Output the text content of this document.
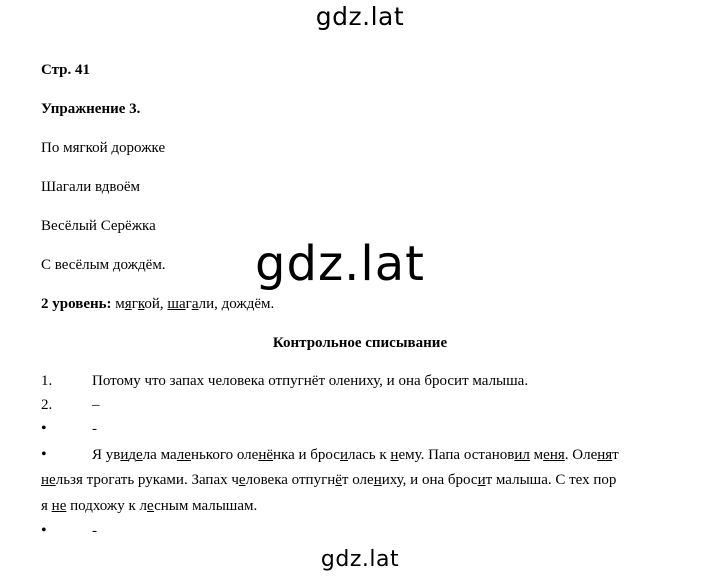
gdz.lat
Стр. 41
Упражнение 3.
По мягкой дорожке
Шагали вдвоём
Весёлый Серёжка
С весёлым дождём. gdz.lat
2 уровень: мягкой, шагали, дождём.
Контрольное списывание
1.	Потому что запах человека отпугнёт олениху, и она бросит малыша.
2.	–
•	-
•	Я увидела маленького оленёнка и бросилась к нему. Папа остановил меня. Оленят
нельзя трогать руками. Запах человека отпугнёт олениху, и она бросит малыша. С тех пор
я не подхожу к лесным малышам.
•	-
gdz.lat
